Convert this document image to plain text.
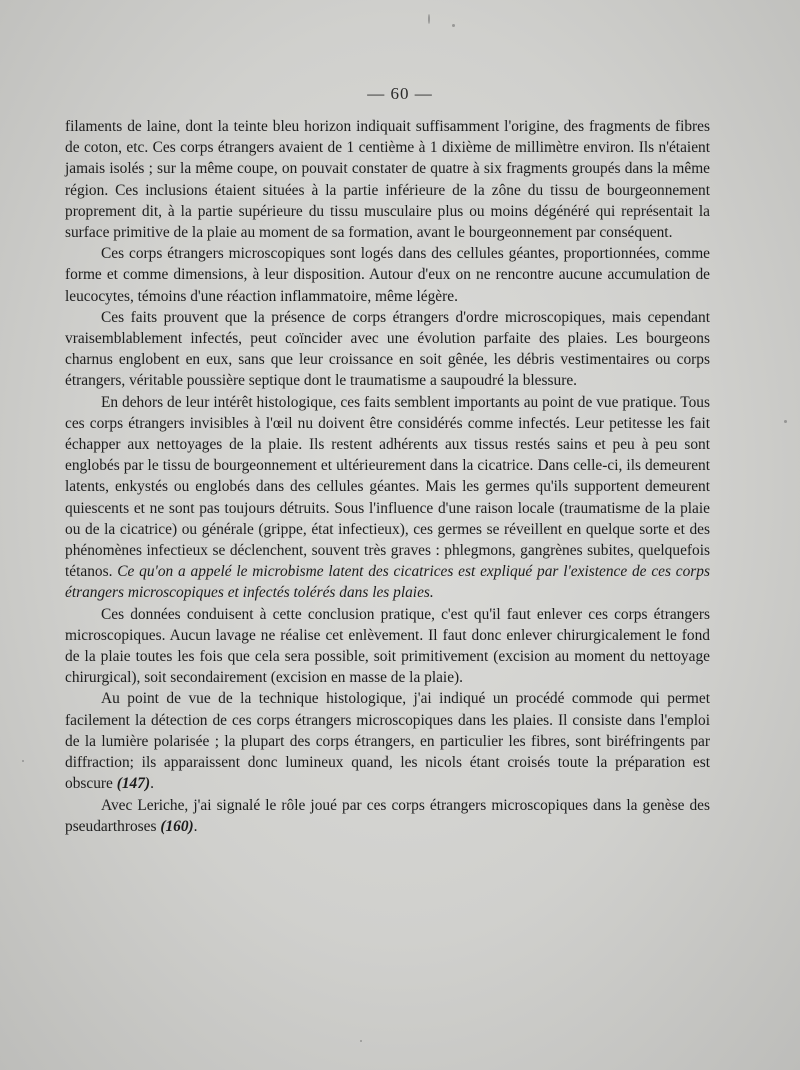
— 60 —

filaments de laine, dont la teinte bleu horizon indiquait suffisamment l'origine, des fragments de fibres de coton, etc. Ces corps étrangers avaient de 1 centième à 1 dixième de millimètre environ. Ils n'étaient jamais isolés ; sur la même coupe, on pouvait constater de quatre à six fragments groupés dans la même région. Ces inclusions étaient situées à la partie inférieure de la zône du tissu de bourgeonnement proprement dit, à la partie supérieure du tissu musculaire plus ou moins dégénéré qui représentait la surface primitive de la plaie au moment de sa formation, avant le bourgeonnement par conséquent.

Ces corps étrangers microscopiques sont logés dans des cellules géantes, proportionnées, comme forme et comme dimensions, à leur disposition. Autour d'eux on ne rencontre aucune accumulation de leucocytes, témoins d'une réaction inflammatoire, même légère.

Ces faits prouvent que la présence de corps étrangers d'ordre microscopiques, mais cependant vraisemblablement infectés, peut coïncider avec une évolution parfaite des plaies. Les bourgeons charnus englobent en eux, sans que leur croissance en soit gênée, les débris vestimentaires ou corps étrangers, véritable poussière septique dont le traumatisme a saupoudré la blessure.

En dehors de leur intérêt histologique, ces faits semblent importants au point de vue pratique. Tous ces corps étrangers invisibles à l'œil nu doivent être considérés comme infectés. Leur petitesse les fait échapper aux nettoyages de la plaie. Ils restent adhérents aux tissus restés sains et peu à peu sont englobés par le tissu de bourgeonnement et ultérieurement dans la cicatrice. Dans celle-ci, ils demeurent latents, enkystés ou englobés dans des cellules géantes. Mais les germes qu'ils supportent demeurent quiescents et ne sont pas toujours détruits. Sous l'influence d'une raison locale (traumatisme de la plaie ou de la cicatrice) ou générale (grippe, état infectieux), ces germes se réveillent en quelque sorte et des phénomènes infectieux se déclenchent, souvent très graves : phlegmons, gangrènes subites, quelquefois tétanos. Ce qu'on a appelé le microbisme latent des cicatrices est expliqué par l'existence de ces corps étrangers microscopiques et infectés tolérés dans les plaies.

Ces données conduisent à cette conclusion pratique, c'est qu'il faut enlever ces corps étrangers microscopiques. Aucun lavage ne réalise cet enlèvement. Il faut donc enlever chirurgicalement le fond de la plaie toutes les fois que cela sera possible, soit primitivement (excision au moment du nettoyage chirurgical), soit secondairement (excision en masse de la plaie).

Au point de vue de la technique histologique, j'ai indiqué un procédé commode qui permet facilement la détection de ces corps étrangers microscopiques dans les plaies. Il consiste dans l'emploi de la lumière polarisée ; la plupart des corps étrangers, en particulier les fibres, sont biréfringents par diffraction; ils apparaissent donc lumineux quand, les nicols étant croisés toute la préparation est obscure (147).

Avec Leriche, j'ai signalé le rôle joué par ces corps étrangers microscopiques dans la genèse des pseudarthroses (160).
